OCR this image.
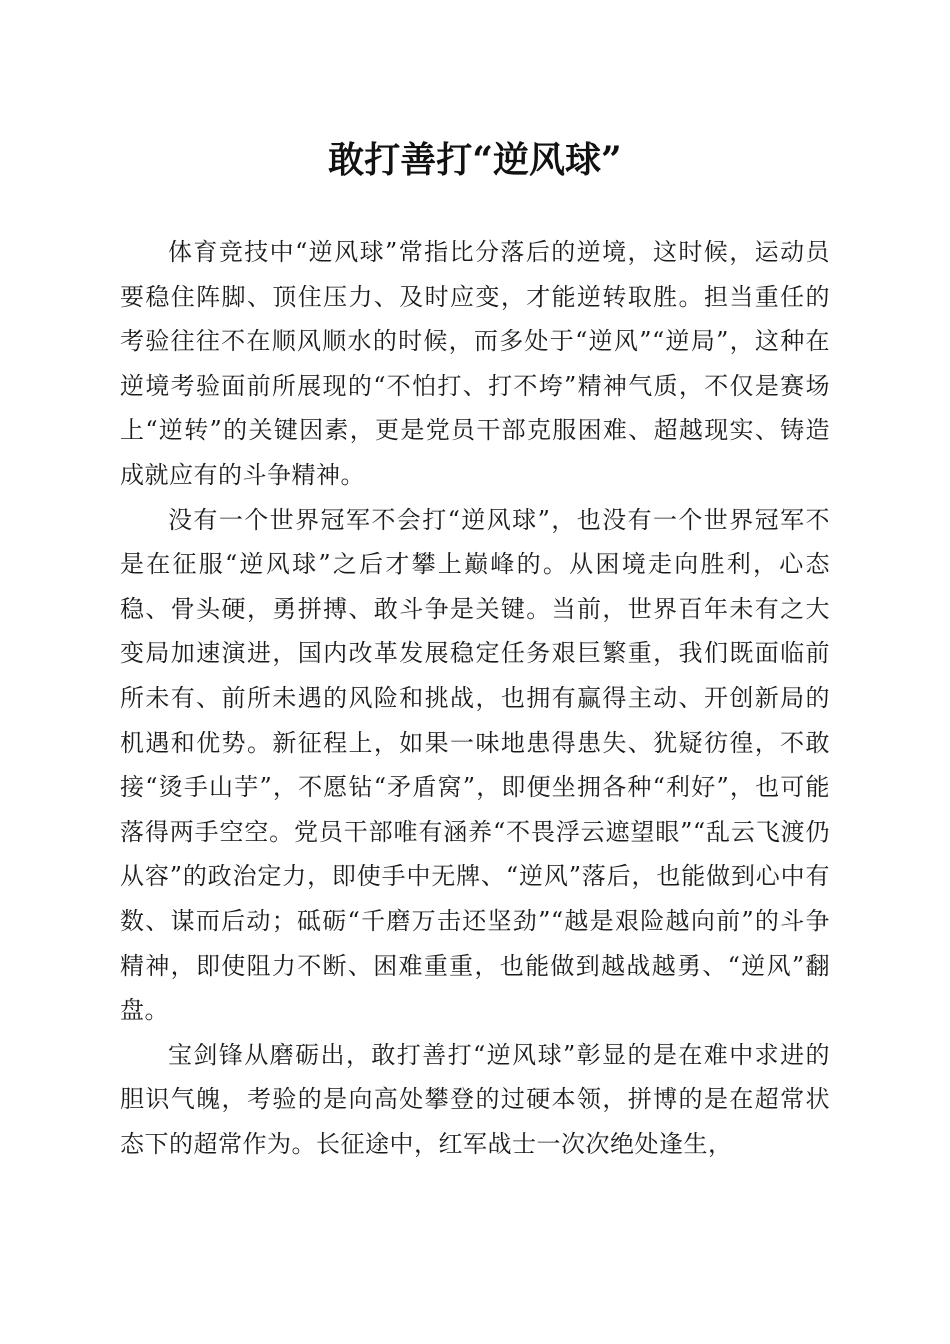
敢打善打“逆风球”

体育竞技中“逆风球”常指比分落后的逆境，这时候，运动员要稳住阵脚、顶住压力、及时应变，才能逆转取胜。担当重任的考验往往不在顺风顺水的时候，而多处于“逆风”“逆局”，这种在逆境考验面前所展现的“不怕打、打不垮”精神气质，不仅是赛场上“逆转”的关键因素，更是党员干部克服困难、超越现实、铸造成就应有的斗争精神。

没有一个世界冠军不会打“逆风球”，也没有一个世界冠军不是在征服“逆风球”之后才攀上巅峰的。从困境走向胜利，心态稳、骨头硬，勇拼搏、敢斗争是关键。当前，世界百年未有之大变局加速演进，国内改革发展稳定任务艰巨繁重，我们既面临前所未有、前所未遇的风险和挑战，也拥有赢得主动、开创新局的机遇和优势。新征程上，如果一味地患得患失、犹疑彷徨，不敢接“烫手山芋”，不愿钻“矛盾窝”，即便坐拥各种“利好”，也可能落得两手空空。党员干部唯有涵养“不畏浮云遮望眼”“乱云飞渡仍从容”的政治定力，即使手中无牌、“逆风”落后，也能做到心中有数、谋而后动；砥砺“千磨万击还坚劲”“越是艰险越向前”的斗争精神，即使阻力不断、困难重重，也能做到越战越勇、“逆风”翻盘。

宝剑锋从磨砺出，敢打善打“逆风球”彰显的是在难中求进的胆识气魄，考验的是向高处攀登的过硬本领，拼博的是在超常状态下的超常作为。长征途中，红军战士一次次绝处逢生，
